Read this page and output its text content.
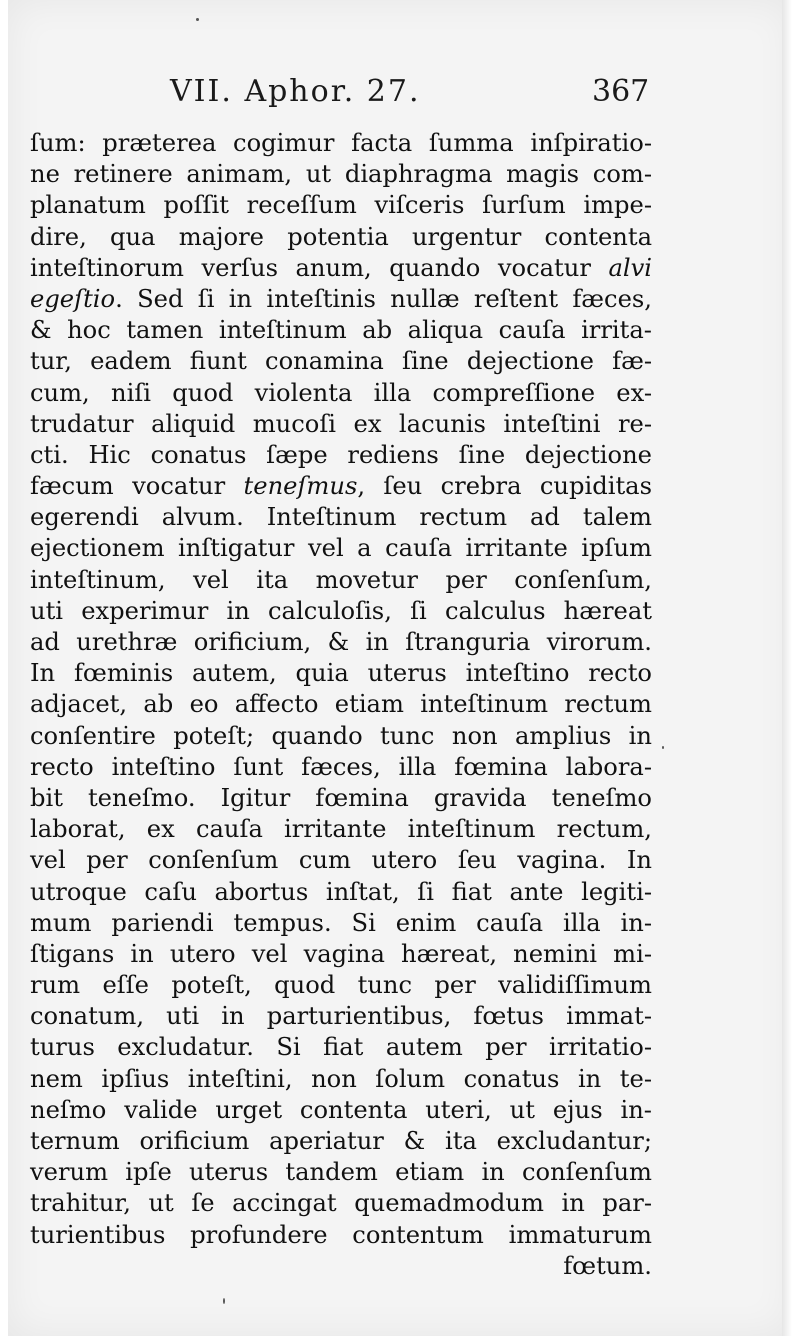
VII. Aphor. 27.	367
ſum: præterea cogimur facta ſumma inſpiratio-
ne retinere animam, ut diaphragma magis com-
planatum poſſit receſſum viſceris ſurſum impe-
dire, qua majore potentia urgentur contenta
inteſtinorum verſus anum, quando vocatur alvi
egeſtio. Sed ſi in inteſtinis nullæ reſtent fæces,
& hoc tamen inteſtinum ab aliqua cauſa irrita-
tur, eadem fiunt conamina ſine dejectione fæ-
cum, niſi quod violenta illa compreſſione ex-
trudatur aliquid mucoſi ex lacunis inteſtini re-
cti. Hic conatus ſæpe rediens ſine dejectione
fæcum vocatur teneſmus, ſeu crebra cupiditas
egerendi alvum. Inteſtinum rectum ad talem
ejectionem inſtigatur vel a cauſa irritante ipſum
inteſtinum, vel ita movetur per conſenſum,
uti experimur in calculoſis, ſi calculus hæreat
ad urethræ orificium, & in ſtranguria virorum.
In fœminis autem, quia uterus inteſtino recto
adjacet, ab eo affecto etiam inteſtinum rectum
conſentire poteſt; quando tunc non amplius in
recto inteſtino ſunt fæces, illa fœmina labora-
bit teneſmo. Igitur fœmina gravida teneſmo
laborat, ex cauſa irritante inteſtinum rectum,
vel per conſenſum cum utero ſeu vagina. In
utroque caſu abortus inſtat, ſi fiat ante legiti-
mum pariendi tempus. Si enim cauſa illa in-
ſtigans in utero vel vagina hæreat, nemini mi-
rum eſſe poteſt, quod tunc per validiſſimum
conatum, uti in parturientibus, fœtus immat-
turus excludatur. Si fiat autem per irritatio-
nem ipſius inteſtini, non ſolum conatus in te-
neſmo valide urget contenta uteri, ut ejus in-
ternum orificium aperiatur & ita excludantur;
verum ipſe uterus tandem etiam in conſenſum
trahitur, ut ſe accingat quemadmodum in par-
turientibus profundere contentum immaturum
fœtum.
